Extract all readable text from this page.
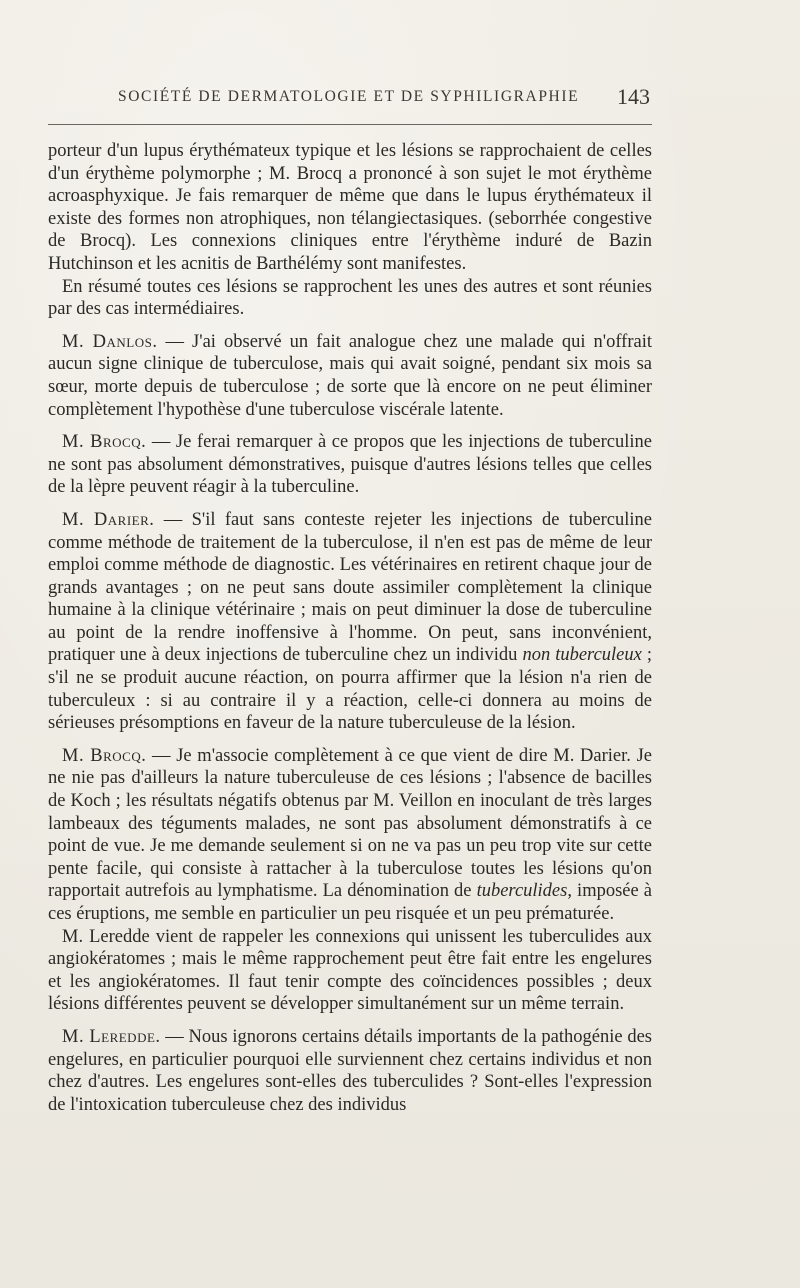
SOCIÉTÉ DE DERMATOLOGIE ET DE SYPHILIGRAPHIE 143

porteur d'un lupus érythémateux typique et les lésions se rapprochaient de celles d'un érythème polymorphe ; M. Brocq a prononcé à son sujet le mot érythème acroasphyxique. Je fais remarquer de même que dans le lupus érythémateux il existe des formes non atrophiques, non télangiectasiques. (seborrhée congestive de Brocq). Les connexions cliniques entre l'érythème induré de Bazin Hutchinson et les acnitis de Barthélémy sont manifestes.

En résumé toutes ces lésions se rapprochent les unes des autres et sont réunies par des cas intermédiaires.

M. Danlos. — J'ai observé un fait analogue chez une malade qui n'offrait aucun signe clinique de tuberculose, mais qui avait soigné, pendant six mois sa sœur, morte depuis de tuberculose ; de sorte que là encore on ne peut éliminer complètement l'hypothèse d'une tuberculose viscérale latente.

M. Brocq. — Je ferai remarquer à ce propos que les injections de tuberculine ne sont pas absolument démonstratives, puisque d'autres lésions telles que celles de la lèpre peuvent réagir à la tuberculine.

M. Darier. — S'il faut sans conteste rejeter les injections de tuberculine comme méthode de traitement de la tuberculose, il n'en est pas de même de leur emploi comme méthode de diagnostic. Les vétérinaires en retirent chaque jour de grands avantages ; on ne peut sans doute assimiler complètement la clinique humaine à la clinique vétérinaire ; mais on peut diminuer la dose de tuberculine au point de la rendre inoffensive à l'homme. On peut, sans inconvénient, pratiquer une à deux injections de tuberculine chez un individu non tuberculeux ; s'il ne se produit aucune réaction, on pourra affirmer que la lésion n'a rien de tuberculeux : si au contraire il y a réaction, celle-ci donnera au moins de sérieuses présomptions en faveur de la nature tuberculeuse de la lésion.

M. Brocq. — Je m'associe complètement à ce que vient de dire M. Darier. Je ne nie pas d'ailleurs la nature tuberculeuse de ces lésions ; l'absence de bacilles de Koch ; les résultats négatifs obtenus par M. Veillon en inoculant de très larges lambeaux des téguments malades, ne sont pas absolument démonstratifs à ce point de vue. Je me demande seulement si on ne va pas un peu trop vite sur cette pente facile, qui consiste à rattacher à la tuberculose toutes les lésions qu'on rapportait autrefois au lymphatisme. La dénomination de tuberculides, imposée à ces éruptions, me semble en particulier un peu risquée et un peu prématurée.

M. Leredde vient de rappeler les connexions qui unissent les tuberculides aux angiokératomes ; mais le même rapprochement peut être fait entre les engelures et les angiokératomes. Il faut tenir compte des coïncidences possibles ; deux lésions différentes peuvent se développer simultanément sur un même terrain.

M. Leredde. — Nous ignorons certains détails importants de la pathogénie des engelures, en particulier pourquoi elle surviennent chez certains individus et non chez d'autres. Les engelures sont-elles des tuberculides ? Sont-elles l'expression de l'intoxication tuberculeuse chez des individus
